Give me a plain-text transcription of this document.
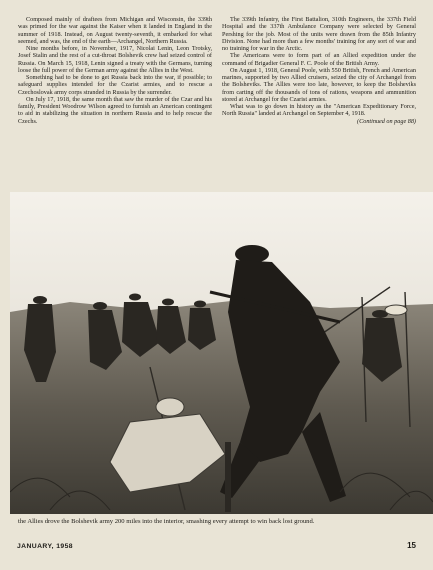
Composed mainly of draftees from Michigan and Wisconsin, the 339th was primed for the war against the Kaiser when it landed in England in the summer of 1918. Instead, on August twenty-seventh, it embarked for what seemed, and was, the end of the earth—Archangel, Northern Russia.

Nine months before, in November, 1917, Nicolai Lenin, Leon Trotsky, Josef Stalin and the rest of a cut-throat Bolshevik crew had seized control of Russia. On March 15, 1918, Lenin signed a treaty with the Germans, turning loose the full power of the German army against the Allies in the West.

Something had to be done to get Russia back into the war, if possible; to safeguard supplies intended for the Czarist armies, and to rescue a Czechoslovak army corps stranded in Russia by the surrender.

On July 17, 1918, the same month that saw the murder of the Czar and his family, President Woodrow Wilson agreed to furnish an American contingent to aid in stabilizing the situation in northern Russia and to help rescue the Czechs.

The 339th Infantry, the First Battalion, 310th Engineers, the 337th Field Hospital and the 337th Ambulance Company were selected by General Pershing for the job. Most of the units were drawn from the 85th Infantry Division. None had more than a few months' training for any sort of war and no training for war in the Arctic.

The Americans were to form part of an Allied expedition under the command of Brigadier General F. C. Poole of the British Army.

On August 1, 1918, General Poole, with 550 British, French and American marines, supported by two Allied cruisers, seized the city of Archangel from the Bolsheviks. The Allies were too late, however, to keep the Bolsheviks from carting off the thousands of tons of rations, weapons and ammunition stored at Archangel for the Czarist armies.

What was to go down in history as the "American Expeditionary Force, North Russia" landed at Archangel on September 4, 1918.
(Continued on page 88)

the Allies drove the Bolshevik army 200 miles into the interior, smashing every attempt to win back lost ground.
JANUARY, 1958	15
